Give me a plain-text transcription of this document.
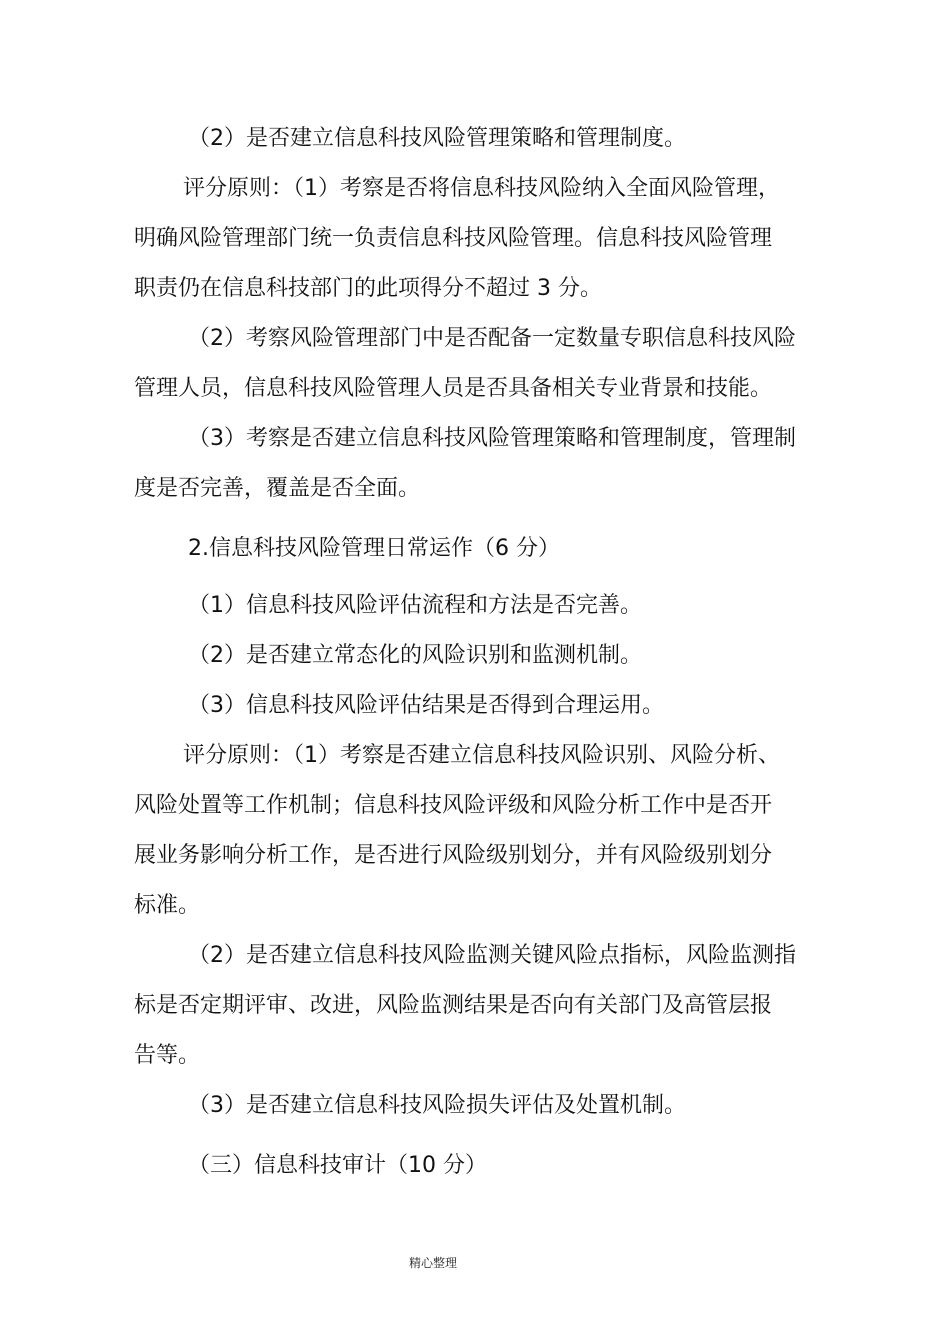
（2）是否建立信息科技风险管理策略和管理制度。
评分原则：（1）考察是否将信息科技风险纳入全面风险管理，
明确风险管理部门统一负责信息科技风险管理。信息科技风险管理
职责仍在信息科技部门的此项得分不超过 3 分。
（2）考察风险管理部门中是否配备一定数量专职信息科技风险
管理人员，信息科技风险管理人员是否具备相关专业背景和技能。
（3）考察是否建立信息科技风险管理策略和管理制度，管理制
度是否完善，覆盖是否全面。
2.信息科技风险管理日常运作（6 分）
（1）信息科技风险评估流程和方法是否完善。
（2）是否建立常态化的风险识别和监测机制。
（3）信息科技风险评估结果是否得到合理运用。
评分原则：（1）考察是否建立信息科技风险识别、风险分析、
风险处置等工作机制；信息科技风险评级和风险分析工作中是否开
展业务影响分析工作，是否进行风险级别划分，并有风险级别划分
标准。
（2）是否建立信息科技风险监测关键风险点指标，风险监测指
标是否定期评审、改进，风险监测结果是否向有关部门及高管层报
告等。
（3）是否建立信息科技风险损失评估及处置机制。
（三）信息科技审计（10 分）
精心整理
